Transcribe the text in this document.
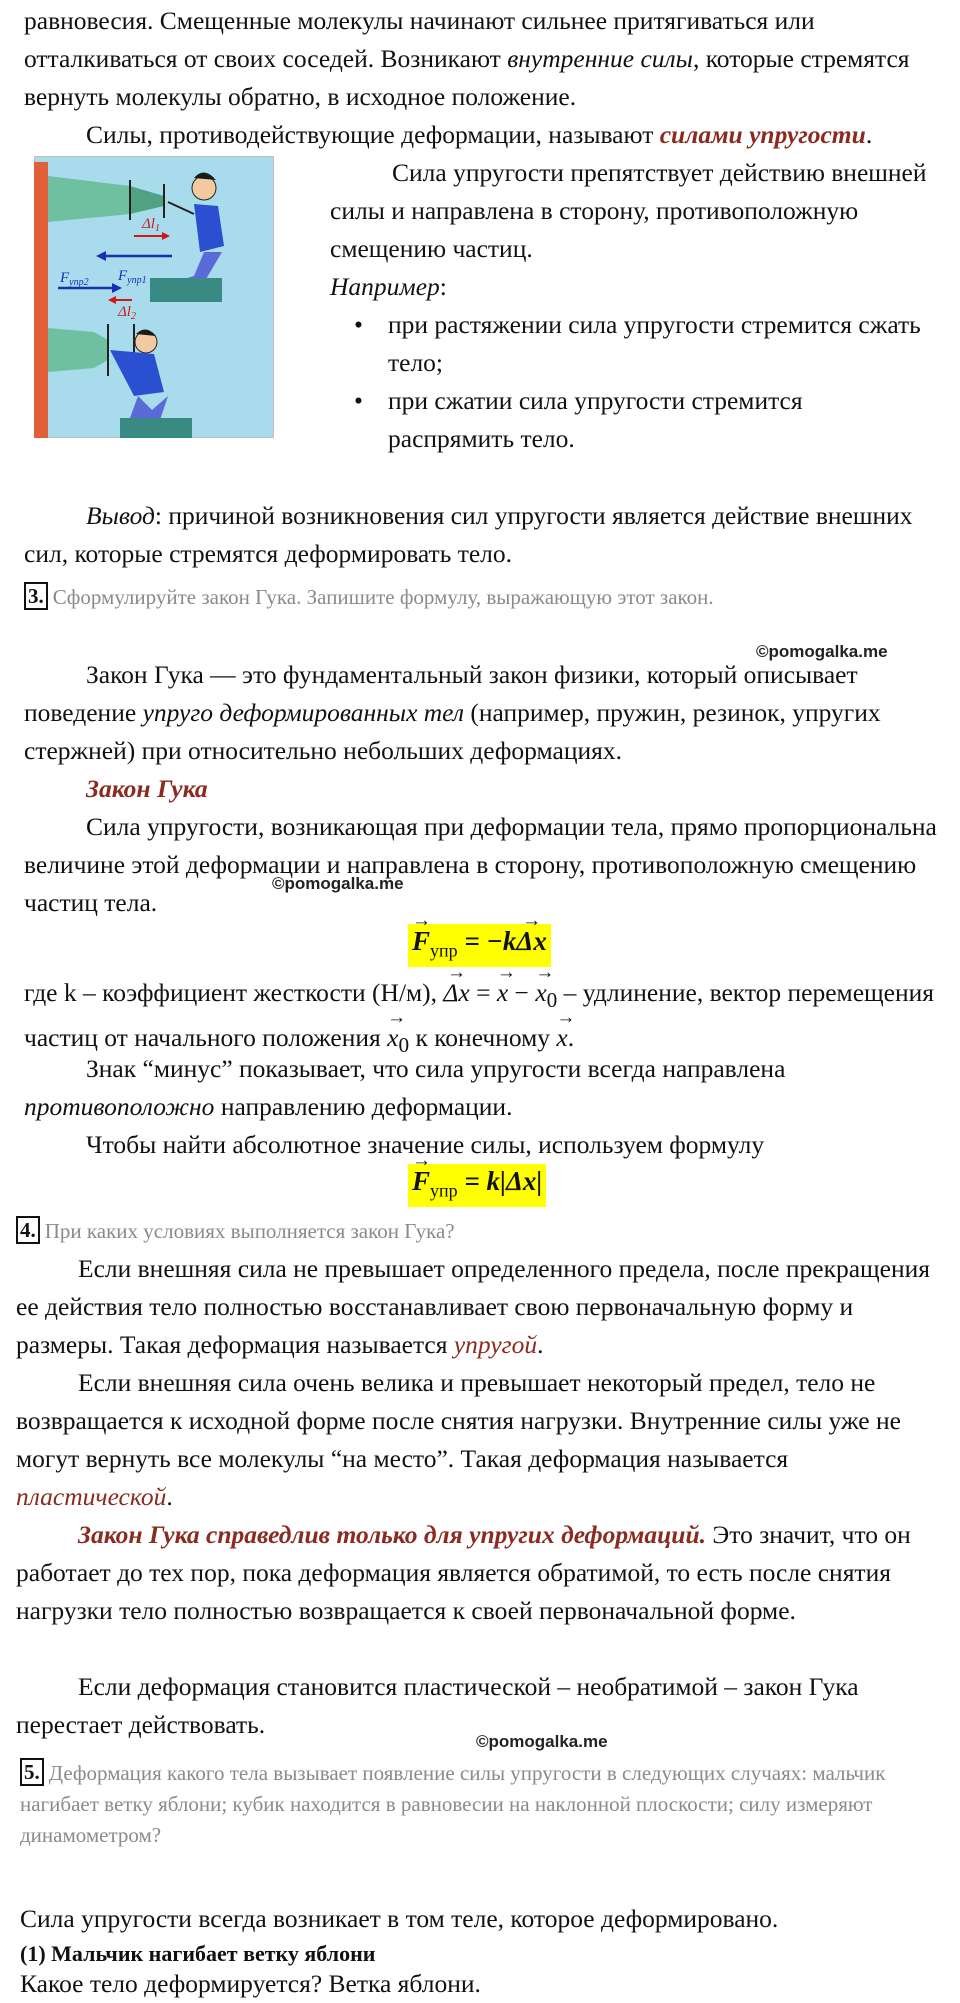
равновесия. Смещенные молекулы начинают сильнее притягиваться или отталкиваться от своих соседей. Возникают внутренние силы, которые стремятся вернуть молекулы обратно, в исходное положение.

Силы, противодействующие деформации, называют силами упругости.

$\Delta l_1$
$F_{упр1}$
$F_{упр2}$
$\Delta l_2$

Сила упругости препятствует действию внешней силы и направлена в сторону, противоположную смещению частиц.

Например:

• при растяжении сила упругости стремится сжать тело;
• при сжатии сила упругости стремится распрямить тело.

Вывод: причиной возникновения сил упругости является действие внешних сил, которые стремятся деформировать тело.

3. Сформулируйте закон Гука. Запишите формулу, выражающую этот закон.

©pomogalka.me

Закон Гука — это фундаментальный закон физики, который описывает поведение упруго деформированных тел (например, пружин, резинок, упругих стержней) при относительно небольших деформациях.

Закон Гука

Сила упругости, возникающая при деформации тела, прямо пропорциональна величине этой деформации и направлена в сторону, противоположную смещению частиц тела.

©pomogalka.me
→ $F_{упр} = -k\to \Delta x$

где k – коэффициент жесткости (Н/м), → Δx = → x − → $x_0$ – удлинение, вектор перемещения частиц от начального положения → $x_0$ к конечному → x.

Знак “минус” показывает, что сила упругости всегда направлена противоположно направлению деформации.

Чтобы найти абсолютное значение силы, используем формулу

→ $F_{упр} = k|\Delta x|$

4. При каких условиях выполняется закон Гука?

Если внешняя сила не превышает определенного предела, после прекращения ее действия тело полностью восстанавливает свою первоначальную форму и размеры. Такая деформация называется упругой.

Если внешняя сила очень велика и превышает некоторый предел, тело не возвращается к исходной форме после снятия нагрузки. Внутренние силы уже не могут вернуть все молекулы “на место”. Такая деформация называется пластической.

Закон Гука справедлив только для упругих деформаций. Это значит, что он работает до тех пор, пока деформация является обратимой, то есть после снятия нагрузки тело полностью возвращается к своей первоначальной форме.

Если деформация становится пластической – необратимой – закон Гука перестает действовать.

©pomogalka.me

5. Деформация какого тела вызывает появление силы упругости в следующих случаях: мальчик нагибает ветку яблони; кубик находится в равновесии на наклонной плоскости; силу измеряют динамометром?

Сила упругости всегда возникает в том теле, которое деформировано.

(1) Мальчик нагибает ветку яблони

Какое тело деформируется? Ветка яблони.
